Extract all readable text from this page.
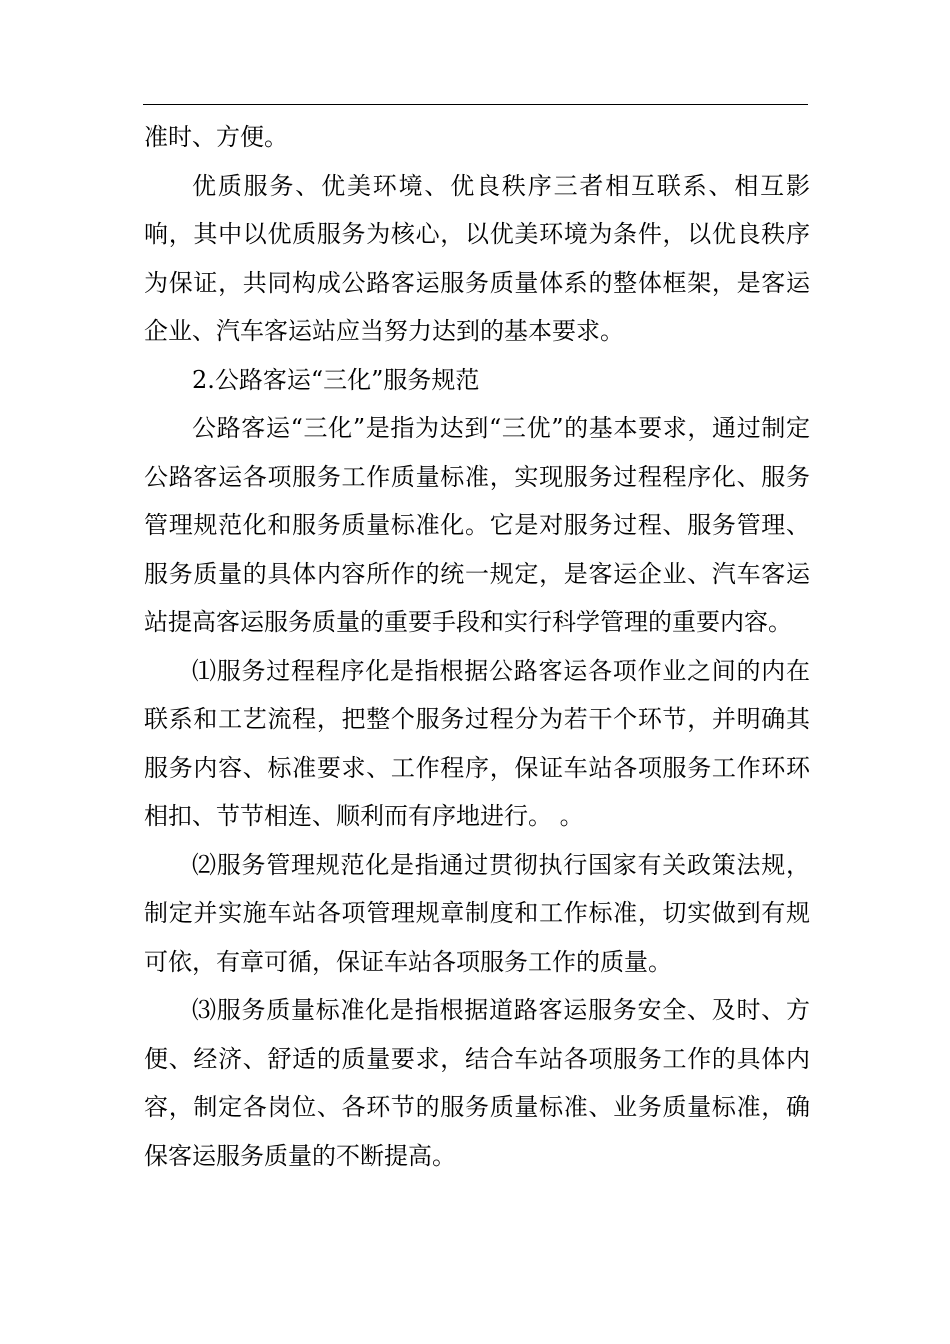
准时、方便。

优质服务、优美环境、优良秩序三者相互联系、相互影响，其中以优质服务为核心，以优美环境为条件，以优良秩序为保证，共同构成公路客运服务质量体系的整体框架，是客运企业、汽车客运站应当努力达到的基本要求。

2.公路客运“三化”服务规范

公路客运“三化”是指为达到“三优”的基本要求，通过制定公路客运各项服务工作质量标准，实现服务过程程序化、服务管理规范化和服务质量标准化。它是对服务过程、服务管理、服务质量的具体内容所作的统一规定，是客运企业、汽车客运站提高客运服务质量的重要手段和实行科学管理的重要内容。

⑴服务过程程序化是指根据公路客运各项作业之间的内在联系和工艺流程，把整个服务过程分为若干个环节，并明确其服务内容、标准要求、工作程序，保证车站各项服务工作环环相扣、节节相连、顺利而有序地进行。 。

⑵服务管理规范化是指通过贯彻执行国家有关政策法规，制定并实施车站各项管理规章制度和工作标准，切实做到有规可依，有章可循，保证车站各项服务工作的质量。

⑶服务质量标准化是指根据道路客运服务安全、及时、方便、经济、舒适的质量要求，结合车站各项服务工作的具体内容，制定各岗位、各环节的服务质量标准、业务质量标准，确保客运服务质量的不断提高。
